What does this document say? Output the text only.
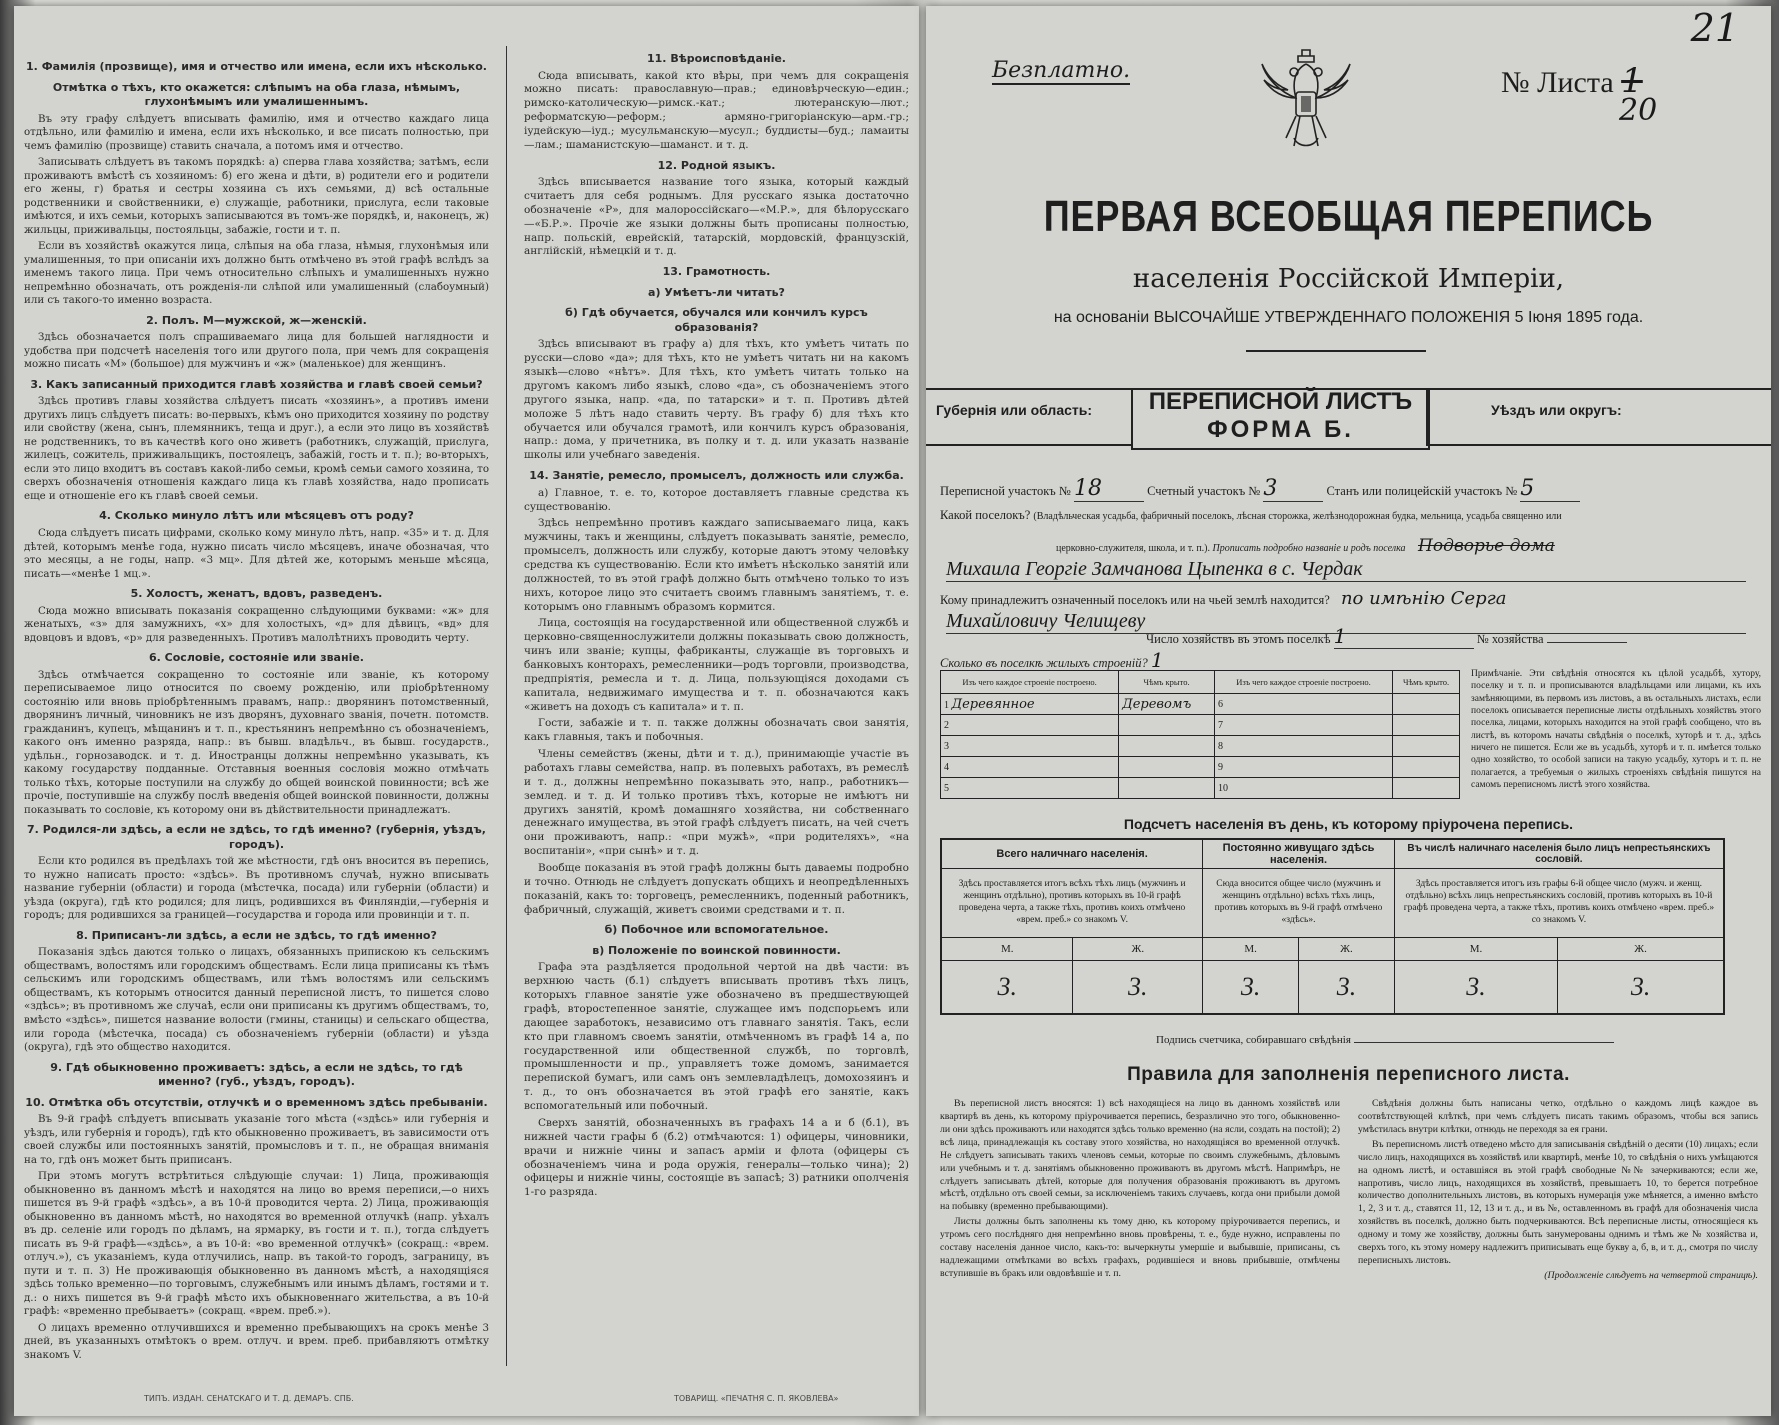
1. Фамилія (прозвище), имя и отчество или имена, если ихъ нѣсколько.
Отмѣтка о тѣхъ, кто окажется: слѣпымъ на оба глаза, нѣмымъ, глухонѣмымъ или умалишеннымъ.

Въ эту графу слѣдуетъ вписывать фамилію, имя и отчество каждаго лица отдѣльно, или фамилію и имена, если ихъ нѣсколько, и все писать полностью, при чемъ фамилію (прозвище) ставить сначала, а потомъ имя и отчество.

Записывать слѣдуетъ въ такомъ порядкѣ: а) сперва глава хозяйства; затѣмъ, если проживаютъ вмѣстѣ съ хозяиномъ: б) его жена и дѣти, в) родители его и родители его жены, г) братья и сестры хозяина съ ихъ семьями, д) всѣ остальные родственники и свойственники, е) служащіе, работники, прислуга, если таковые имѣются, и ихъ семьи, которыхъ записываются въ томъ-же порядкѣ, и, наконецъ, ж) жильцы, приживальцы, постояльцы, забажіе, гости и т. п.

Если въ хозяйствѣ окажутся лица, слѣпыя на оба глаза, нѣмыя, глухонѣмыя или умалишенныя, то при описаніи ихъ должно быть отмѣчено въ этой графѣ вслѣдъ за именемъ такого лица. При чемъ относительно слѣпыхъ и умалишенныхъ нужно непремѣнно обозначать, отъ рожденія-ли слѣпой или умалишенный (слабоумный) или съ такого-то именно возраста.

2. Полъ. М—мужской, ж—женскій.

Здѣсь обозначается полъ спрашиваемаго лица для большей наглядности и удобства при подсчетѣ населенія того или другого пола, при чемъ для сокращенія можно писать «М» (большое) для мужчинъ и «ж» (маленькое) для женщинъ.

3. Какъ записанный приходится главѣ хозяйства и главѣ своей семьи?

Здѣсь противъ главы хозяйства слѣдуетъ писать «хозяинъ», а противъ имени другихъ лицъ слѣдуетъ писать: во-первыхъ, кѣмъ оно приходится хозяину по родству или свойству (жена, сынъ, племянникъ, теща и друг.), а если это лицо въ хозяйствѣ не родственникъ, то въ качествѣ кого оно живетъ (работникъ, служащій, прислуга, жилецъ, сожитель, приживальщикъ, постоялецъ, забажій, гость и т. п.); во-вторыхъ, если это лицо входитъ въ составъ какой-либо семьи, кромѣ семьи самого хозяина, то сверхъ обозначенія отношенія каждаго лица къ главѣ хозяйства, надо прописать еще и отношеніе его къ главѣ своей семьи.

4. Сколько минуло лѣтъ или мѣсяцевъ отъ роду?

Сюда слѣдуетъ писать цифрами, сколько кому минуло лѣтъ, напр. «35» и т. д. Для дѣтей, которымъ менѣе года, нужно писать число мѣсяцевъ, иначе обозначая, что это месяцы, а не годы, напр. «3 мц». Для дѣтей же, которымъ меньше мѣсяца, писать—«менѣе 1 мц.».

5. Холостъ, женатъ, вдовъ, разведенъ.

Сюда можно вписывать показанія сокращенно слѣдующими буквами: «ж» для женатыхъ, «з» для замужнихъ, «х» для холостыхъ, «д» для дѣвицъ, «вд» для вдовцовъ и вдовъ, «р» для разведенныхъ. Противъ малолѣтнихъ проводить черту.

6. Сословіе, состояніе или званіе.

Здѣсь отмѣчается сокращенно то состояніе или званіе, къ которому переписываемое лицо относится по своему рожденію, или пріобрѣтенному состоянію или вновь пріобрѣтеннымъ правамъ, напр.: дворянинъ потомственный, дворянинъ личный, чиновникъ не изъ дворянъ, духовнаго званія, почетн. потомств. гражданинъ, купецъ, мѣщанинъ и т. п., крестьянинъ непремѣнно съ обозначеніемъ, какого онъ именно разряда, напр.: въ бывш. владѣльч., въ бывш. государств., удѣльн., горнозаводск. и т. д. Иностранцы должны непремѣнно указывать, къ какому государству подданные. Отставныя военныя сословія можно отмѣчать только тѣхъ, которые поступили на службу до общей воинской повинности; всѣ же прочіе, поступившіе на службу послѣ введенія общей воинской повинности, должны показывать то сословіе, къ которому они въ дѣйствительности принадлежатъ.

7. Родился-ли здѣсь, а если не здѣсь, то гдѣ именно? (губернія, уѣздъ, городъ).

Если кто родился въ предѣлахъ той же мѣстности, гдѣ онъ вносится въ перепись, то нужно написать просто: «здѣсь». Въ противномъ случаѣ, нужно вписывать название губерніи (области) и города (мѣстечка, посада) или губерніи (области) и уѣзда (округа), гдѣ кто родился; для лицъ, родившихся въ Финляндіи,—губернія и городъ; для родившихся за границей—государства и города или провинціи и т. п.

8. Приписанъ-ли здѣсь, а если не здѣсь, то гдѣ именно?

Показанія здѣсь даются только о лицахъ, обязанныхъ припискою къ сельскимъ обществамъ, волостямъ или городскимъ обществамъ. Если лица приписаны къ тѣмъ сельскимъ или городскимъ обществамъ, или тѣмъ волостямъ или сельскимъ обществамъ, къ которымъ относится данный переписной листъ, то пишется слово «здѣсь»; въ противномъ же случаѣ, если они приписаны къ другимъ обществамъ, то, вмѣсто «здѣсь», пишется название волости (гмины, станицы) и сельскаго общества, или города (мѣстечка, посада) съ обозначеніемъ губерніи (области) и уѣзда (округа), гдѣ это общество находится.

9. Гдѣ обыкновенно проживаетъ: здѣсь, а если не здѣсь, то гдѣ именно? (губ., уѣздъ, городъ).
10. Отмѣтка объ отсутствіи, отлучкѣ и о временномъ здѣсь пребываніи.

Въ 9-й графѣ слѣдуетъ вписывать указаніе того мѣста («здѣсь» или губернія и уѣздъ, или губернія и городъ), гдѣ кто обыкновенно проживаетъ, въ зависимости отъ своей службы или постоянныхъ занятій, промысловъ и т. п., не обращая вниманія на то, гдѣ онъ может быть приписанъ.

При этомъ могутъ встрѣтиться слѣдующіе случаи: 1) Лица, проживающія обыкновенно въ данномъ мѣстѣ и находятся на лицо во время переписи,—о нихъ пишется въ 9-й графѣ «здѣсь», а въ 10-й проводится черта. 2) Лица, проживающія обыкновенно въ данномъ мѣстѣ, но находятся во временной отлучкѣ (напр. уѣхалъ въ др. селеніе или городъ по дѣламъ, на ярмарку, въ гости и т. п.), тогда слѣдуетъ писать въ 9-й графѣ—«здѣсь», а въ 10-й: «во временной отлучкѣ» (сокращ.: «врем. отлуч.»), съ указаніемъ, куда отлучились, напр. въ такой-то городъ, заграницу, въ пути и т. п. 3) Не проживающія обыкновенно въ данномъ мѣстѣ, а находящіяся здѣсь только временно—по торговымъ, служебнымъ или инымъ дѣламъ, гостями и т. д.: о нихъ пишется въ 9-й графѣ мѣсто ихъ обыкновеннаго жительства, а въ 10-й графѣ: «временно пребываетъ» (сокращ. «врем. преб.»).

О лицахъ временно отлучившихся и временно пребывающихъ на срокъ менѣе 3 дней, въ указанныхъ отмѣтокъ о врем. отлуч. и врем. преб. прибавляютъ отмѣтку знакомъ V.

11. Вѣроисповѣданіе.

Сюда вписывать, какой кто вѣры, при чемъ для сокращенія можно писать: православную—прав.; единовѣрческую—един.; римско-католическую—римск.-кат.; лютеранскую—лют.; реформатскую—реформ.; армяно-григоріанскую—арм.-гр.; іудейскую—іуд.; мусульманскую—мусул.; буддисты—буд.; ламаиты—лам.; шаманистскую—шаманст. и т. д.

12. Родной языкъ.

Здѣсь вписывается название того языка, который каждый считаетъ для себя роднымъ. Для русскаго языка достаточно обозначеніе «Р», для малороссійскаго—«М.Р.», для бѣлорусскаго—«Б.Р.». Прочіе же языки должны быть прописаны полностью, напр. польскій, еврейскій, татарскій, мордовскій, французскій, англійскій, нѣмецкій и т. д.

13. Грамотность.
а) Умѣетъ-ли читать?
б) Гдѣ обучается, обучался или кончилъ курсъ образованія?

Здѣсь вписывают въ графу а) для тѣхъ, кто умѣетъ читать по русски—слово «да»; для тѣхъ, кто не умѣетъ читать ни на какомъ языкѣ—слово «нѣтъ». Для тѣхъ, кто умѣетъ читать только на другомъ какомъ либо языкѣ, слово «да», съ обозначеніемъ этого другого языка, напр. «да, по татарски» и т. п. Противъ дѣтей моложе 5 лѣтъ надо ставить черту. Въ графу б) для тѣхъ кто обучается или обучался грамотѣ, или кончилъ курсъ образованія, напр.: дома, у причетника, въ полку и т. д. или указать названіе школы или учебнаго заведенія.

14. Занятіе, ремесло, промыселъ, должность или служба.

а) Главное, т. е. то, которое доставляетъ главные средства къ существованію.

Здѣсь непремѣнно противъ каждаго записываемаго лица, какъ мужчины, такъ и женщины, слѣдуетъ показывать занятіе, ремесло, промыселъ, должность или службу, которые даютъ этому человѣку средства къ существованію. Если кто имѣетъ нѣсколько занятій или должностей, то въ этой графѣ должно быть отмѣчено только то изъ нихъ, которое лицо это считаетъ своимъ главнымъ занятіемъ, т. е. которымъ оно главнымъ образомъ кормится.

Лица, состоящія на государственной или общественной службѣ и церковно-священнослужители должны показывать свою должность, чинъ или званіе; купцы, фабриканты, служащіе въ торговыхъ и банковыхъ конторахъ, ремесленники—родъ торговли, производства, предпріятія, ремесла и т. д. Лица, пользующіяся доходами съ капитала, недвижимаго имущества и т. п. обозначаются какъ «живетъ на доходъ съ капитала» и т. п.

Гости, забажіе и т. п. также должны обозначать свои занятія, какъ главныя, такъ и побочныя.

Члены семействъ (жены, дѣти и т. д.), принимающіе участіе въ работахъ главы семейства, напр. въ полевыхъ работахъ, въ ремеслѣ и т. д., должны непремѣнно показывать это, напр., работникъ—землед. и т. д. И только противъ тѣхъ, которые не имѣютъ ни другихъ занятій, кромѣ домашняго хозяйства, ни собственнаго денежнаго имущества, въ этой графѣ слѣдуетъ писать, на чей счетъ они проживаютъ, напр.: «при мужѣ», «при родителяхъ», «на воспитаніи», «при сынѣ» и т. д.

Вообще показанія въ этой графѣ должны быть даваемы подробно и точно. Отнюдь не слѣдуетъ допускать общихъ и неопредѣленныхъ показаній, какъ то: торговецъ, ремесленникъ, поденный работникъ, фабричный, служащій, живетъ своими средствами и т. п.

б) Побочное или вспомогательное.
в) Положеніе по воинской повинности.

Графа эта раздѣляется продольной чертой на двѣ части: въ верхнюю часть (б.1) слѣдуетъ вписывать противъ тѣхъ лицъ, которыхъ главное занятіе уже обозначено въ предшествующей графѣ, второстепенное занятіе, служащее имъ подспорьемъ или дающее заработокъ, независимо отъ главнаго занятія. Такъ, если кто при главномъ своемъ занятіи, отмѣченномъ въ графѣ 14 а, по государственной или общественной службѣ, по торговлѣ, промышленности и пр., управляетъ тоже домомъ, занимается перепиской бумагъ, или самъ онъ землевладѣлецъ, домохозяинъ и т. д., то онъ обозначается въ этой графѣ его занятіе, какъ вспомогательный или побочный.

Сверхъ занятій, обозначенныхъ въ графахъ 14 а и б (б.1), въ нижней части графы б (б.2) отмѣчаются: 1) офицеры, чиновники, врачи и нижніе чины и запасъ арміи и флота (офицеры съ обозначеніемъ чина и рода оружія, генералы—только чина); 2) офицеры и нижніе чины, состоящіе въ запасѣ; 3) ратники ополченія 1-го разряда.

ТИПЪ. ИЗДАН. СЕНАТСКАГО И Т. Д. ДЕМАРЪ. СПБ.	ТОВАРИЩ. «ПЕЧАТНЯ С. П. ЯКОВЛЕВА»
21
Безплатно.	№ Листа 1
20
ПЕРВАЯ ВСЕОБЩАЯ ПЕРЕПИСЬ
населенія Россійской Имперіи,
на основаніи ВЫСОЧАЙШЕ УТВЕРЖДЕННАГО ПОЛОЖЕНІЯ 5 Іюня 1895 года.
Губернія или область:	ПЕРЕПИСНОЙ ЛИСТЪ
ФОРМА Б.
Уѣздъ или округъ:
Переписной участокъ № 18	Счетный участокъ № 3	Станъ или полицейскій участокъ № 5
Какой поселокъ? (Владѣльческая усадьба, фабричный поселокъ, лѣсная сторожка, желѣзнодорожная будка, мельница, усадьба священно или
церковно-служителя, школа, и т. п.). Прописать подробно названіе и родъ поселка Подворье дома
Михаила Георгіе Замчанова Цыпенка в с. Чердак
Кому принадлежитъ означенный поселокъ или на чьей землѣ находится? по имѣнію Серга
Михайловичу Челищеву
Число хозяйствъ въ этомъ поселкѣ 1	№ хозяйства
Сколько въ поселкѣ жилыхъ строеній? 1
Изъ чего каждое строеніе построено.	Чѣмъ крыто.	Изъ чего каждое строеніе построено.	Чѣмъ крыто.
1 Деревянное	Деревомъ	6	
2		7	
3		8	
4		9	
5		10	
Примѣчаніе. Эти свѣдѣнія относятся къ цѣлой усадьбѣ, хутору, поселку и т. п. и прописываются владѣльцами или лицами, къ ихъ замѣняющими, въ первомъ изъ листовъ, а въ остальныхъ листахъ, если поселокъ описывается переписные листы отдѣльныхъ хозяйствъ этого поселка, лицами, которыхъ находится на этой графѣ сообщено, что въ листѣ, въ которомъ начаты свѣдѣнія о поселкѣ, хуторѣ и т. д., здѣсь ничего не пишется. Если же въ усадьбѣ, хуторѣ и т. п. имѣется только одно хозяйство, то особой записи на такую усадьбу, хуторъ и т. п. не полагается, а требуемыя о жилыхъ строеніяхъ свѣдѣнія пишутся на самомъ переписномъ листѣ этого хозяйства.
Подсчетъ населенія въ день, къ которому пріурочена перепись.
Всего наличнаго населенія.		Постоянно живущаго здѣсь населенія.		Въ числѣ наличнаго населенія было лицъ непрестьянскихъ сословій.	
Здѣсь проставляется итогъ всѣхъ тѣхъ лицъ (мужчинъ и женщинъ отдѣльно), противъ которыхъ въ 10-й графѣ проведена черта, а также тѣхъ, противъ коихъ отмѣчено «врем. преб.» со знакомъ V.		Сюда вносится общее число (мужчинъ и женщинъ отдѣльно) всѣхъ тѣхъ лицъ, противъ которыхъ въ 9-й графѣ отмѣчено «здѣсь».		Здѣсь проставляется итогъ изъ графы 6-й общее число (мужч. и женщ. отдѣльно) всѣхъ лицъ непрестьянскихъ сословій, противъ которыхъ въ 10-й графѣ проведена черта, а также тѣхъ, противъ коихъ отмѣчено «врем. преб.» со знакомъ V.	
М.	Ж.	М.	Ж.	М.	Ж.
3.	3.	3.	3.	3.	3.
Подпись счетчика, собиравшаго свѣдѣнія
Правила для заполненія переписного листа.

Въ переписной листъ вносятся: 1) всѣ находящіеся на лицо въ данномъ хозяйствѣ или квартирѣ въ день, къ которому пріурочивается перепись, безразлично это того, обыкновенно-ли они здѣсь проживаютъ или находятся здѣсь только временно (на ясли, создать на постой); 2) всѣ лица, принадлежащія къ составу этого хозяйства, но находящіяся во временной отлучкѣ. Не слѣдуетъ записывать такихъ членовъ семьи, которые по своимъ служебнымъ, дѣловымъ или учебнымъ и т. д. занятіямъ обыкновенно проживаютъ въ другомъ мѣстѣ. Напримѣръ, не слѣдуетъ записывать дѣтей, которые для получения образованія проживаютъ въ другомъ мѣстѣ, отдѣльно отъ своей семьи, за исключеніемъ такихъ случаевъ, когда они прибыли домой на побывку (временно пребывающими).

Листы должны быть заполнены къ тому дню, къ которому пріурочивается перепись, и утромъ сего послѣдняго дня непремѣнно вновь провѣрены, т. е., буде нужно, исправлены по составу населенія данное число, какъ-то: вычеркнуты умершіе и выбывшіе, приписаны, съ надлежащими отмѣтками во всѣхъ графахъ, родившіеся и вновь прибывшіе, отмѣчены вступившіе въ бракъ или овдовѣвшіе и т. п.

Свѣдѣнія должны быть написаны четко, отдѣльно о каждомъ лицѣ каждое въ соотвѣтствующей клѣткѣ, при чемъ слѣдуетъ писать такимъ образомъ, чтобы вся запись умѣстилась внутри клѣтки, отнюдь не переходя за ея грани.

Въ переписномъ листѣ отведено мѣсто для записыванія свѣдѣній о десяти (10) лицахъ; если число лицъ, находящихся въ хозяйствѣ или квартирѣ, менѣе 10, то свѣдѣнія о нихъ умѣщаются на одномъ листѣ, и оставшіяся въ этой графѣ свободные №№ зачеркиваются; если же, напротивъ, число лицъ, находящихся въ хозяйствѣ, превышаетъ 10, то берется потребное количество дополнительныхъ листовъ, въ которыхъ нумерація уже мѣняется, а именно вмѣсто 1, 2, 3 и т. д., ставятся 11, 12, 13 и т. д., и въ №, оставленномъ въ графѣ для обозначенія числа хозяйствъ въ поселкѣ, должно быть подчеркиваются. Всѣ переписные листы, относящіеся къ одному и тому же хозяйству, должны быть занумерованы однимъ и тѣмъ же № хозяйства и, сверхъ того, къ этому номеру надлежитъ приписывать еще букву а, б, в, и т. д., смотря по числу переписныхъ листовъ.

(Продолженіе слѣдуетъ на четвертой страницѣ).
